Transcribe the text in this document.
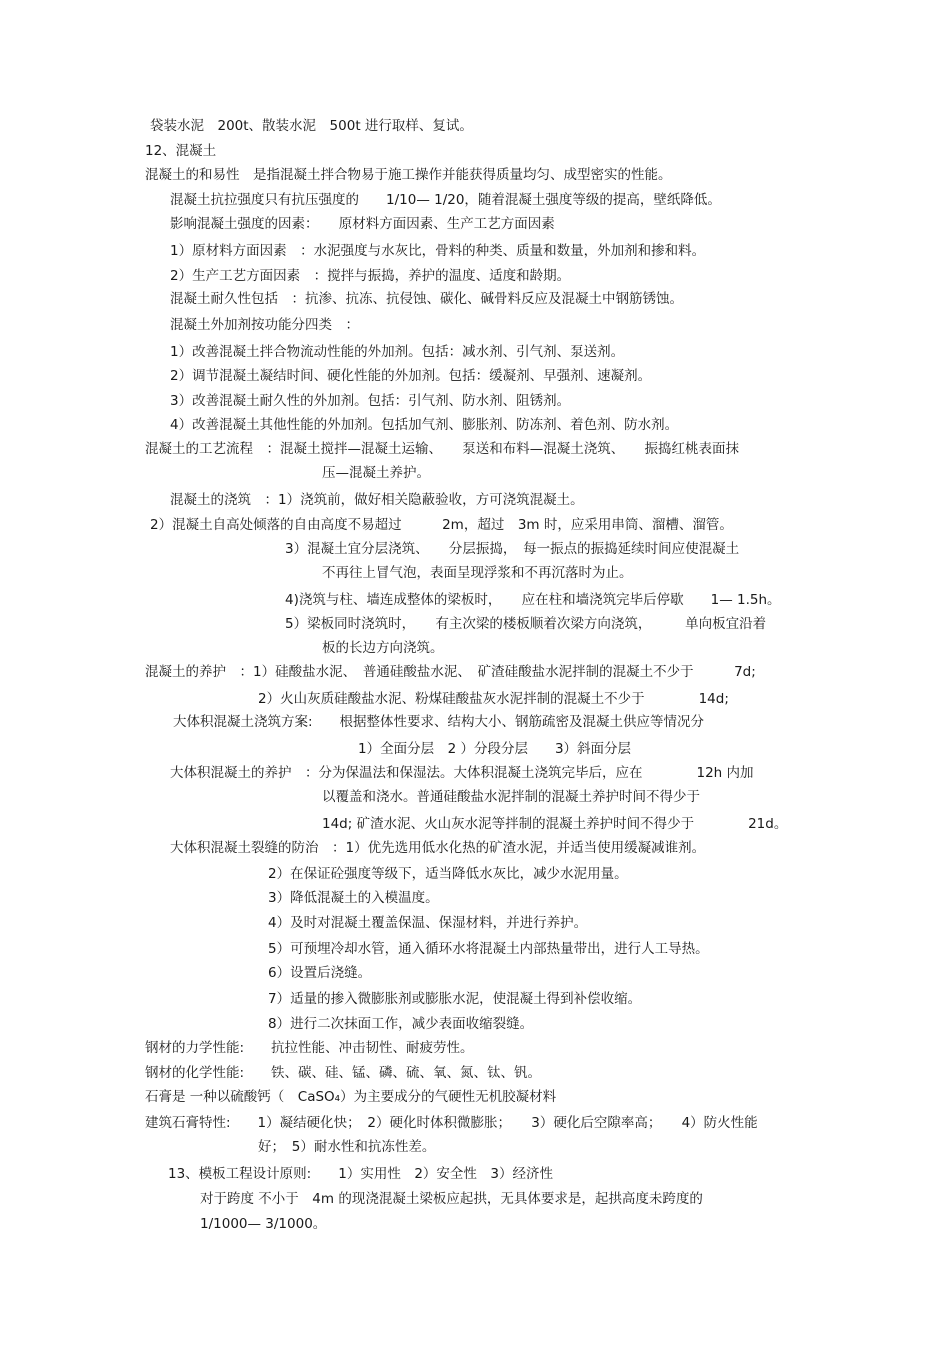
袋装水泥　200t、散装水泥　500t 进行取样、复试。
12、混凝土
混凝土的和易性　是指混凝土拌合物易于施工操作并能获得质量均匀、成型密实的性能。
混凝土抗拉强度只有抗压强度的　　1/10— 1/20，随着混凝土强度等级的提高，壁纸降低。
影响混凝土强度的因素：　　原材料方面因素、生产工艺方面因素
1）原材料方面因素　：水泥强度与水灰比，骨料的种类、质量和数量，外加剂和掺和料。
2）生产工艺方面因素　：搅拌与振捣，养护的温度、适度和龄期。
混凝土耐久性包括　：抗渗、抗冻、抗侵蚀、碳化、碱骨料反应及混凝土中钢筋锈蚀。
混凝土外加剂按功能分四类　：
1）改善混凝土拌合物流动性能的外加剂。包括：减水剂、引气剂、泵送剂。
2）调节混凝土凝结时间、硬化性能的外加剂。包括：缓凝剂、早强剂、速凝剂。
3）改善混凝土耐久性的外加剂。包括：引气剂、防水剂、阻锈剂。
4）改善混凝土其他性能的外加剂。包括加气剂、膨胀剂、防冻剂、着色剂、防水剂。
混凝土的工艺流程　：混凝土搅拌—混凝土运输、　　泵送和布料—混凝土浇筑、　　振捣红桃表面抹
压—混凝土养护。
混凝土的浇筑　：1）浇筑前，做好相关隐蔽验收，方可浇筑混凝土。
2）混凝土自高处倾落的自由高度不易超过　　　2m，超过　3m 时，应采用串筒、溜槽、溜管。
3）混凝土宜分层浇筑、　　分层振捣，　每一振点的振捣延续时间应使混凝土
不再往上冒气泡，表面呈现浮浆和不再沉落时为止。
4)浇筑与柱、墙连成整体的梁板时，　　应在柱和墙浇筑完毕后停歇　　1— 1.5h。
5）梁板同时浇筑时，　　有主次梁的楼板顺着次梁方向浇筑，　　　单向板宜沿着
板的长边方向浇筑。
混凝土的养护　：1）硅酸盐水泥、　普通硅酸盐水泥、　矿渣硅酸盐水泥拌制的混凝土不少于　　　7d;
2）火山灰质硅酸盐水泥、粉煤硅酸盐灰水泥拌制的混凝土不少于　　　　14d;
大体积混凝土浇筑方案:　　根据整体性要求、结构大小、钢筋疏密及混凝土供应等情况分
1）全面分层　2 ）分段分层　　3）斜面分层
大体积混凝土的养护　：分为保温法和保湿法。大体积混凝土浇筑完毕后，应在　　　　12h 内加
以覆盖和浇水。普通硅酸盐水泥拌制的混凝土养护时间不得少于
14d; 矿渣水泥、火山灰水泥等拌制的混凝土养护时间不得少于　　　　21d。
大体积混凝土裂缝的防治　：1）优先选用低水化热的矿渣水泥，并适当使用缓凝减谁剂。
2）在保证砼强度等级下，适当降低水灰比，减少水泥用量。
3）降低混凝土的入模温度。
4）及时对混凝土覆盖保温、保湿材料，并进行养护。
5）可预埋冷却水管，通入循环水将混凝土内部热量带出，进行人工导热。
6）设置后浇缝。
7）适量的掺入微膨胀剂或膨胀水泥，使混凝土得到补偿收缩。
8）进行二次抹面工作，减少表面收缩裂缝。
钢材的力学性能:　　抗拉性能、冲击韧性、耐疲劳性。
钢材的化学性能:　　铁、碳、硅、锰、磷、硫、氧、氮、钛、钒。
石膏是 一种以硫酸钙（　CaSO₄）为主要成分的气硬性无机胶凝材料
建筑石膏特性:　　1）凝结硬化快；　2）硬化时体积微膨胀；　　3）硬化后空隙率高；　　4）防火性能
好；　5）耐水性和抗冻性差。
13、模板工程设计原则:　　1）实用性　2）安全性　3）经济性
对于跨度 不小于　4m 的现浇混凝土梁板应起拱，无具体要求是，起拱高度未跨度的
1/1000— 3/1000。
